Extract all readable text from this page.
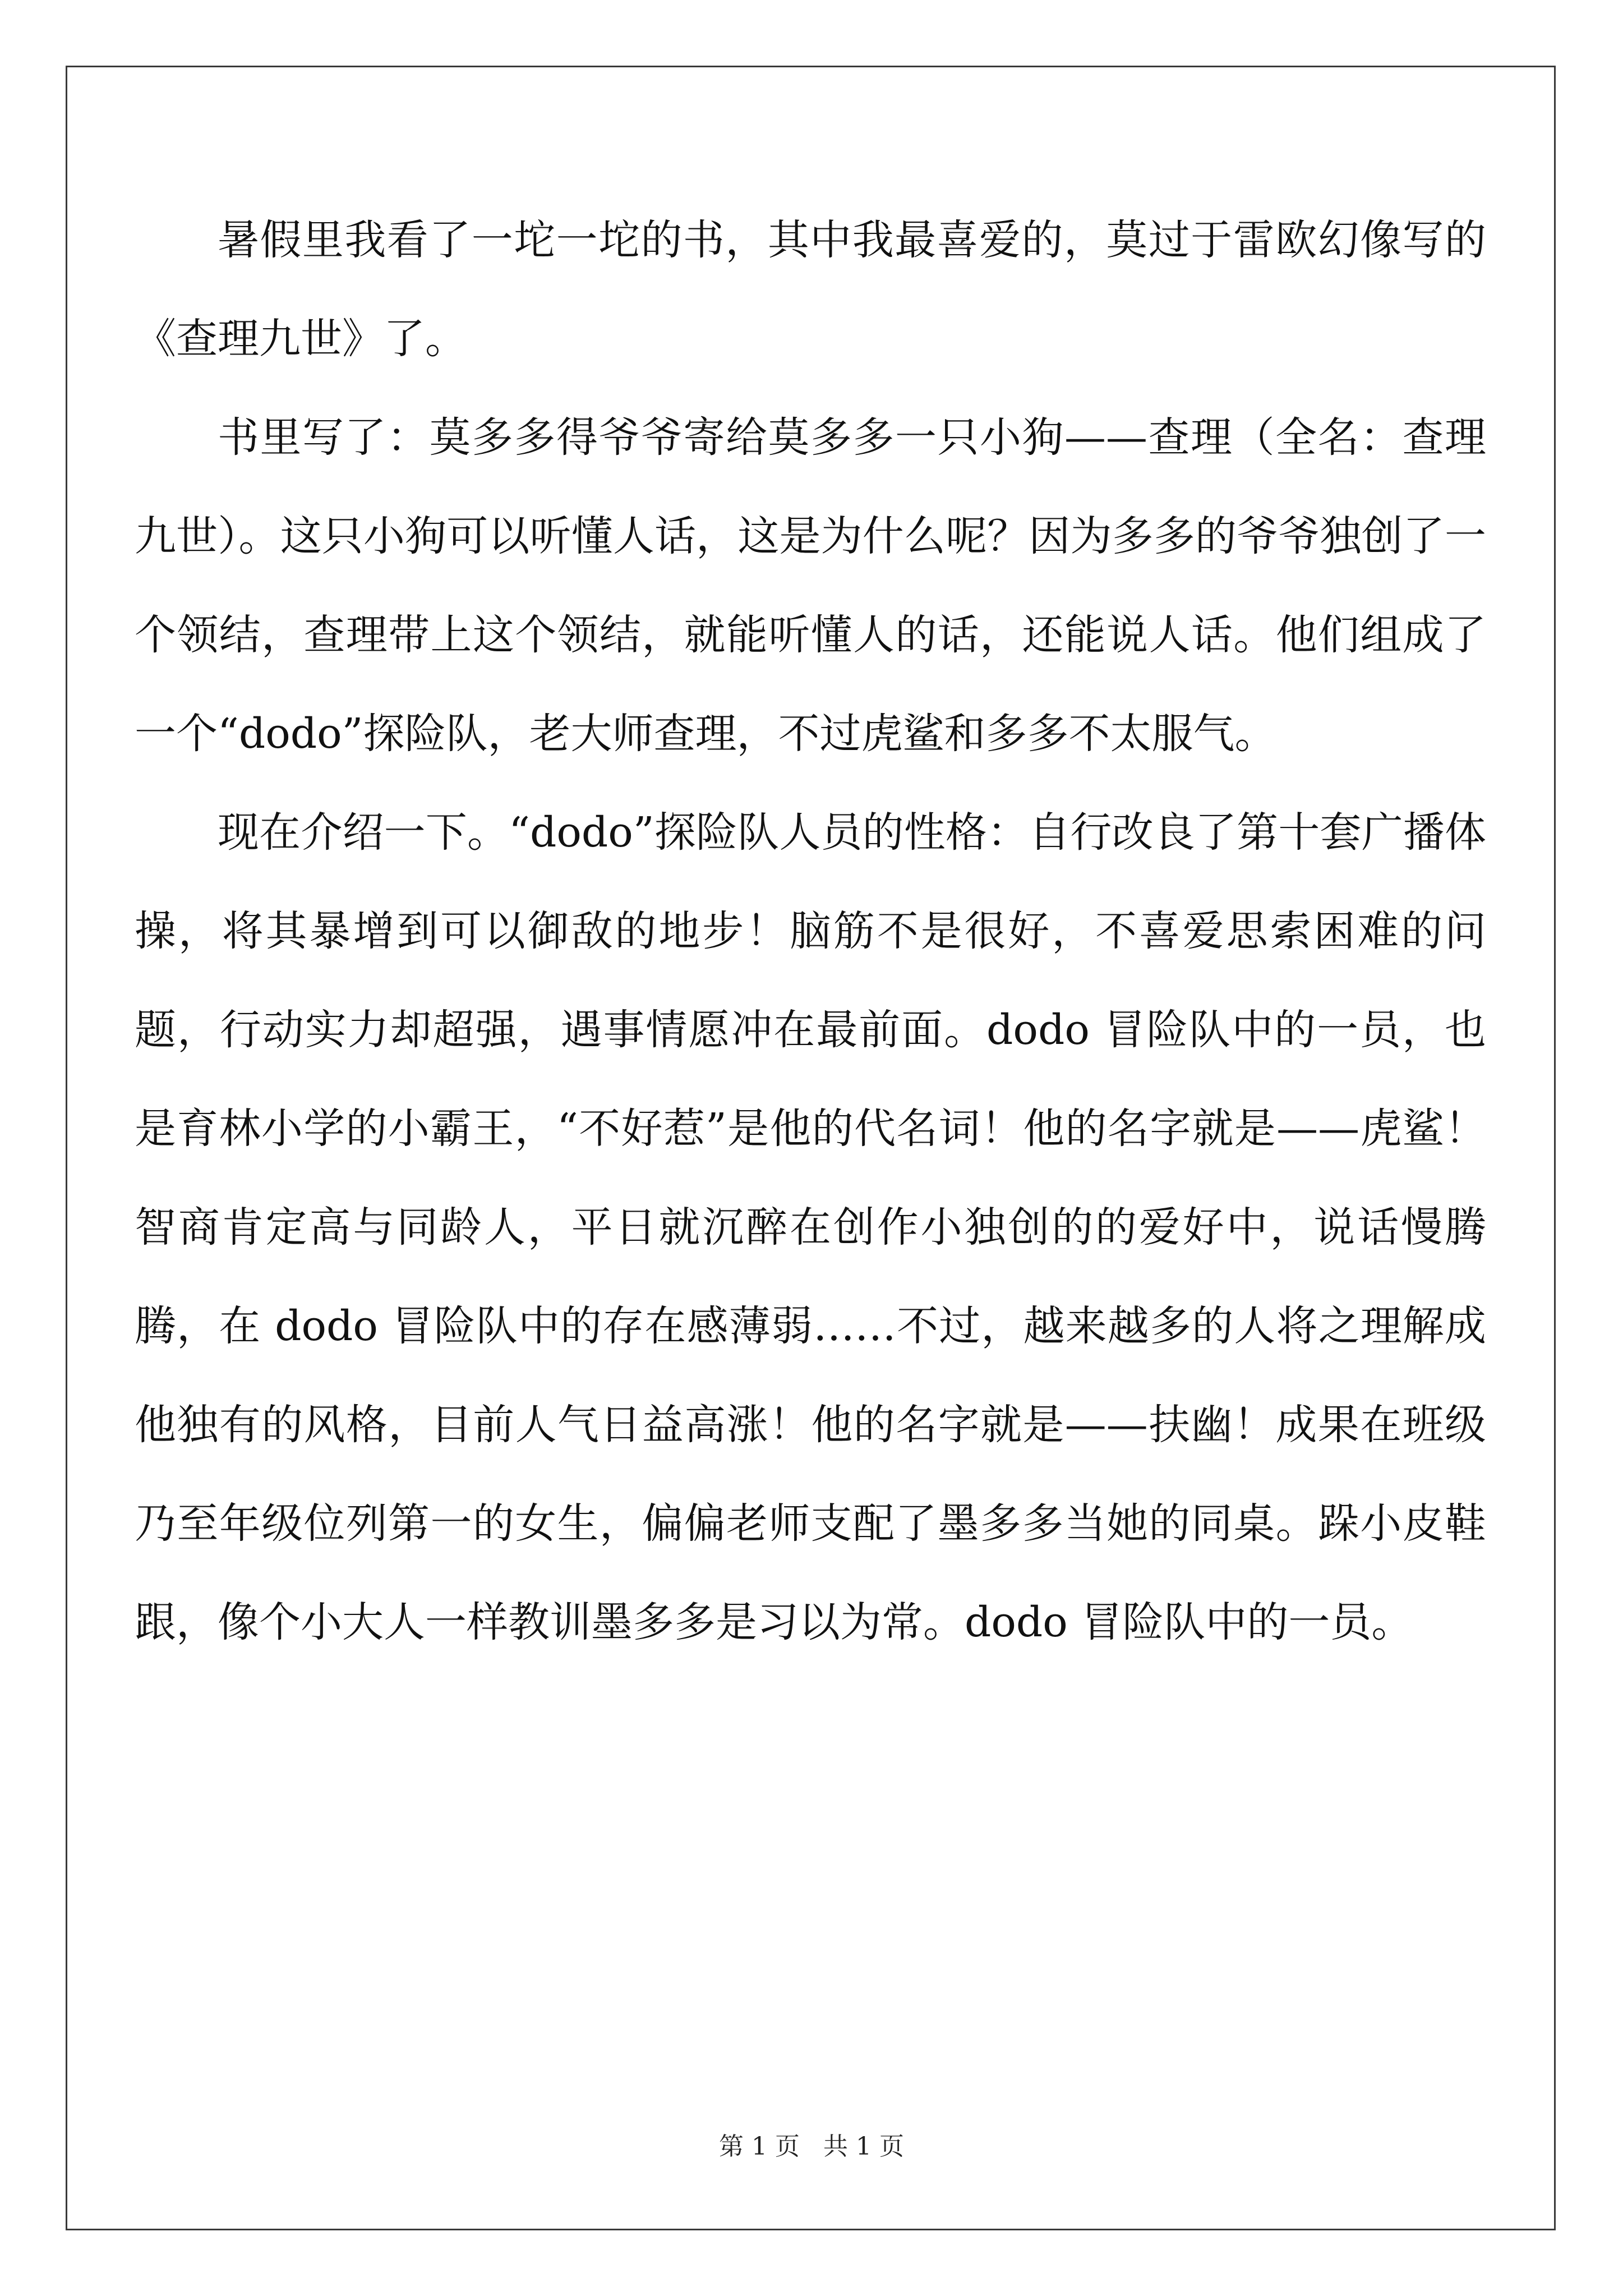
暑假里我看了一坨一坨的书，其中我最喜爱的，莫过于雷欧幻像写的《查理九世》了。

书里写了：莫多多得爷爷寄给莫多多一只小狗——查理（全名：查理九世）。这只小狗可以听懂人话，这是为什么呢？因为多多的爷爷独创了一个领结，查理带上这个领结，就能听懂人的话，还能说人话。他们组成了一个“dodo”探险队，老大师查理，不过虎鲨和多多不太服气。

现在介绍一下。“dodo”探险队人员的性格：自行改良了第十套广播体操，将其暴增到可以御敌的地步！脑筋不是很好，不喜爱思索困难的问题，行动实力却超强，遇事情愿冲在最前面。dodo 冒险队中的一员，也是育林小学的小霸王，“不好惹”是他的代名词！他的名字就是——虎鲨！智商肯定高与同龄人，平日就沉醉在创作小独创的的爱好中，说话慢腾腾，在 dodo 冒险队中的存在感薄弱……不过，越来越多的人将之理解成他独有的风格，目前人气日益高涨！他的名字就是——扶幽！成果在班级乃至年级位列第一的女生，偏偏老师支配了墨多多当她的同桌。跺小皮鞋跟，像个小大人一样教训墨多多是习以为常。dodo 冒险队中的一员。

第 1 页   共 1 页
